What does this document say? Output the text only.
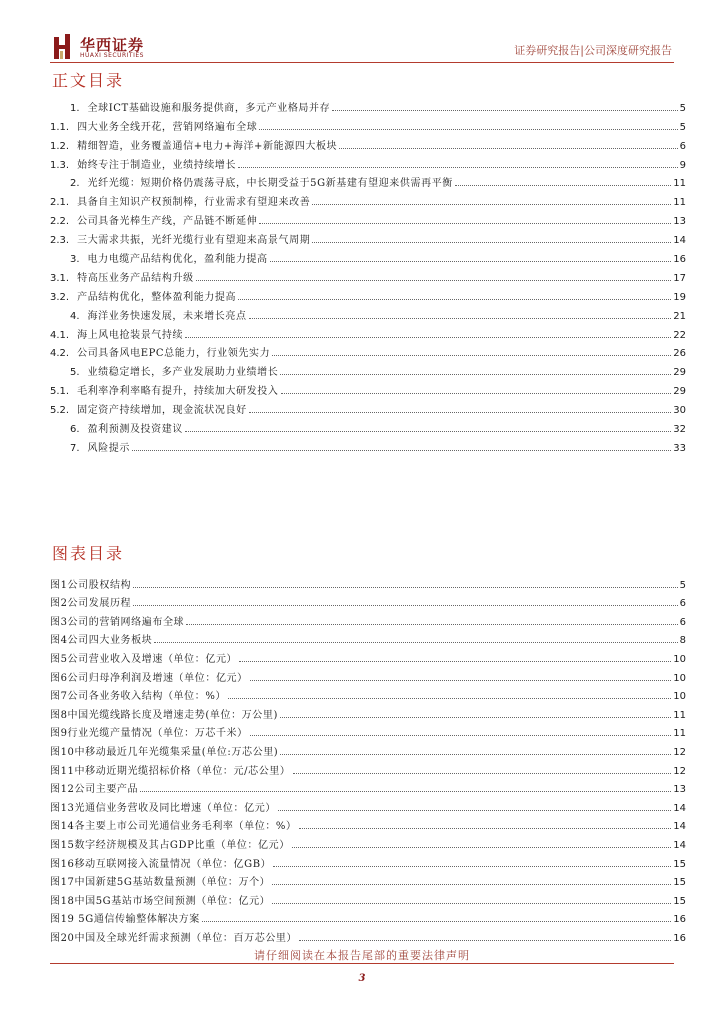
华西证券
HUAXI SECURITIES	证券研究报告|公司深度研究报告
正文目录
1. 全球ICT基础设施和服务提供商，多元产业格局并存	5
1.1. 四大业务全线开花，营销网络遍布全球	5
1.2. 精细智造，业务覆盖通信+电力+海洋+新能源四大板块	6
1.3. 始终专注于制造业，业绩持续增长	9
2. 光纤光缆：短期价格仍震荡寻底，中长期受益于5G新基建有望迎来供需再平衡	11
2.1. 具备自主知识产权预制棒，行业需求有望迎来改善	11
2.2. 公司具备光棒生产线，产品链不断延伸	13
2.3. 三大需求共振，光纤光缆行业有望迎来高景气周期	14
3. 电力电缆产品结构优化，盈利能力提高	16
3.1. 特高压业务产品结构升级	17
3.2. 产品结构优化，整体盈利能力提高	19
4. 海洋业务快速发展，未来增长亮点	21
4.1. 海上风电抢装景气持续	22
4.2. 公司具备风电EPC总能力，行业领先实力	26
5. 业绩稳定增长，多产业发展助力业绩增长	29
5.1. 毛利率净利率略有提升，持续加大研发投入	29
5.2. 固定资产持续增加，现金流状况良好	30
6. 盈利预测及投资建议	32
7. 风险提示	33
图表目录
图1公司股权结构	5
图2公司发展历程	6
图3公司的营销网络遍布全球	6
图4公司四大业务板块	8
图5公司营业收入及增速（单位：亿元）	10
图6公司归母净利润及增速（单位：亿元）	10
图7公司各业务收入结构（单位：%）	10
图8中国光缆线路长度及增速走势(单位：万公里)	11
图9行业光缆产量情况（单位：万芯千米）	11
图10中移动最近几年光缆集采量(单位:万芯公里)	12
图11中移动近期光缆招标价格（单位：元/芯公里）	12
图12公司主要产品	13
图13光通信业务营收及同比增速（单位：亿元）	14
图14各主要上市公司光通信业务毛利率（单位：%）	14
图15数字经济规模及其占GDP比重（单位：亿元）	14
图16移动互联网接入流量情况（单位：亿GB）	15
图17中国新建5G基站数量预测（单位：万个）	15
图18中国5G基站市场空间预测（单位：亿元）	15
图19 5G通信传输整体解决方案	16
图20中国及全球光纤需求预测（单位：百万芯公里）	16
请仔细阅读在本报告尾部的重要法律声明
3
